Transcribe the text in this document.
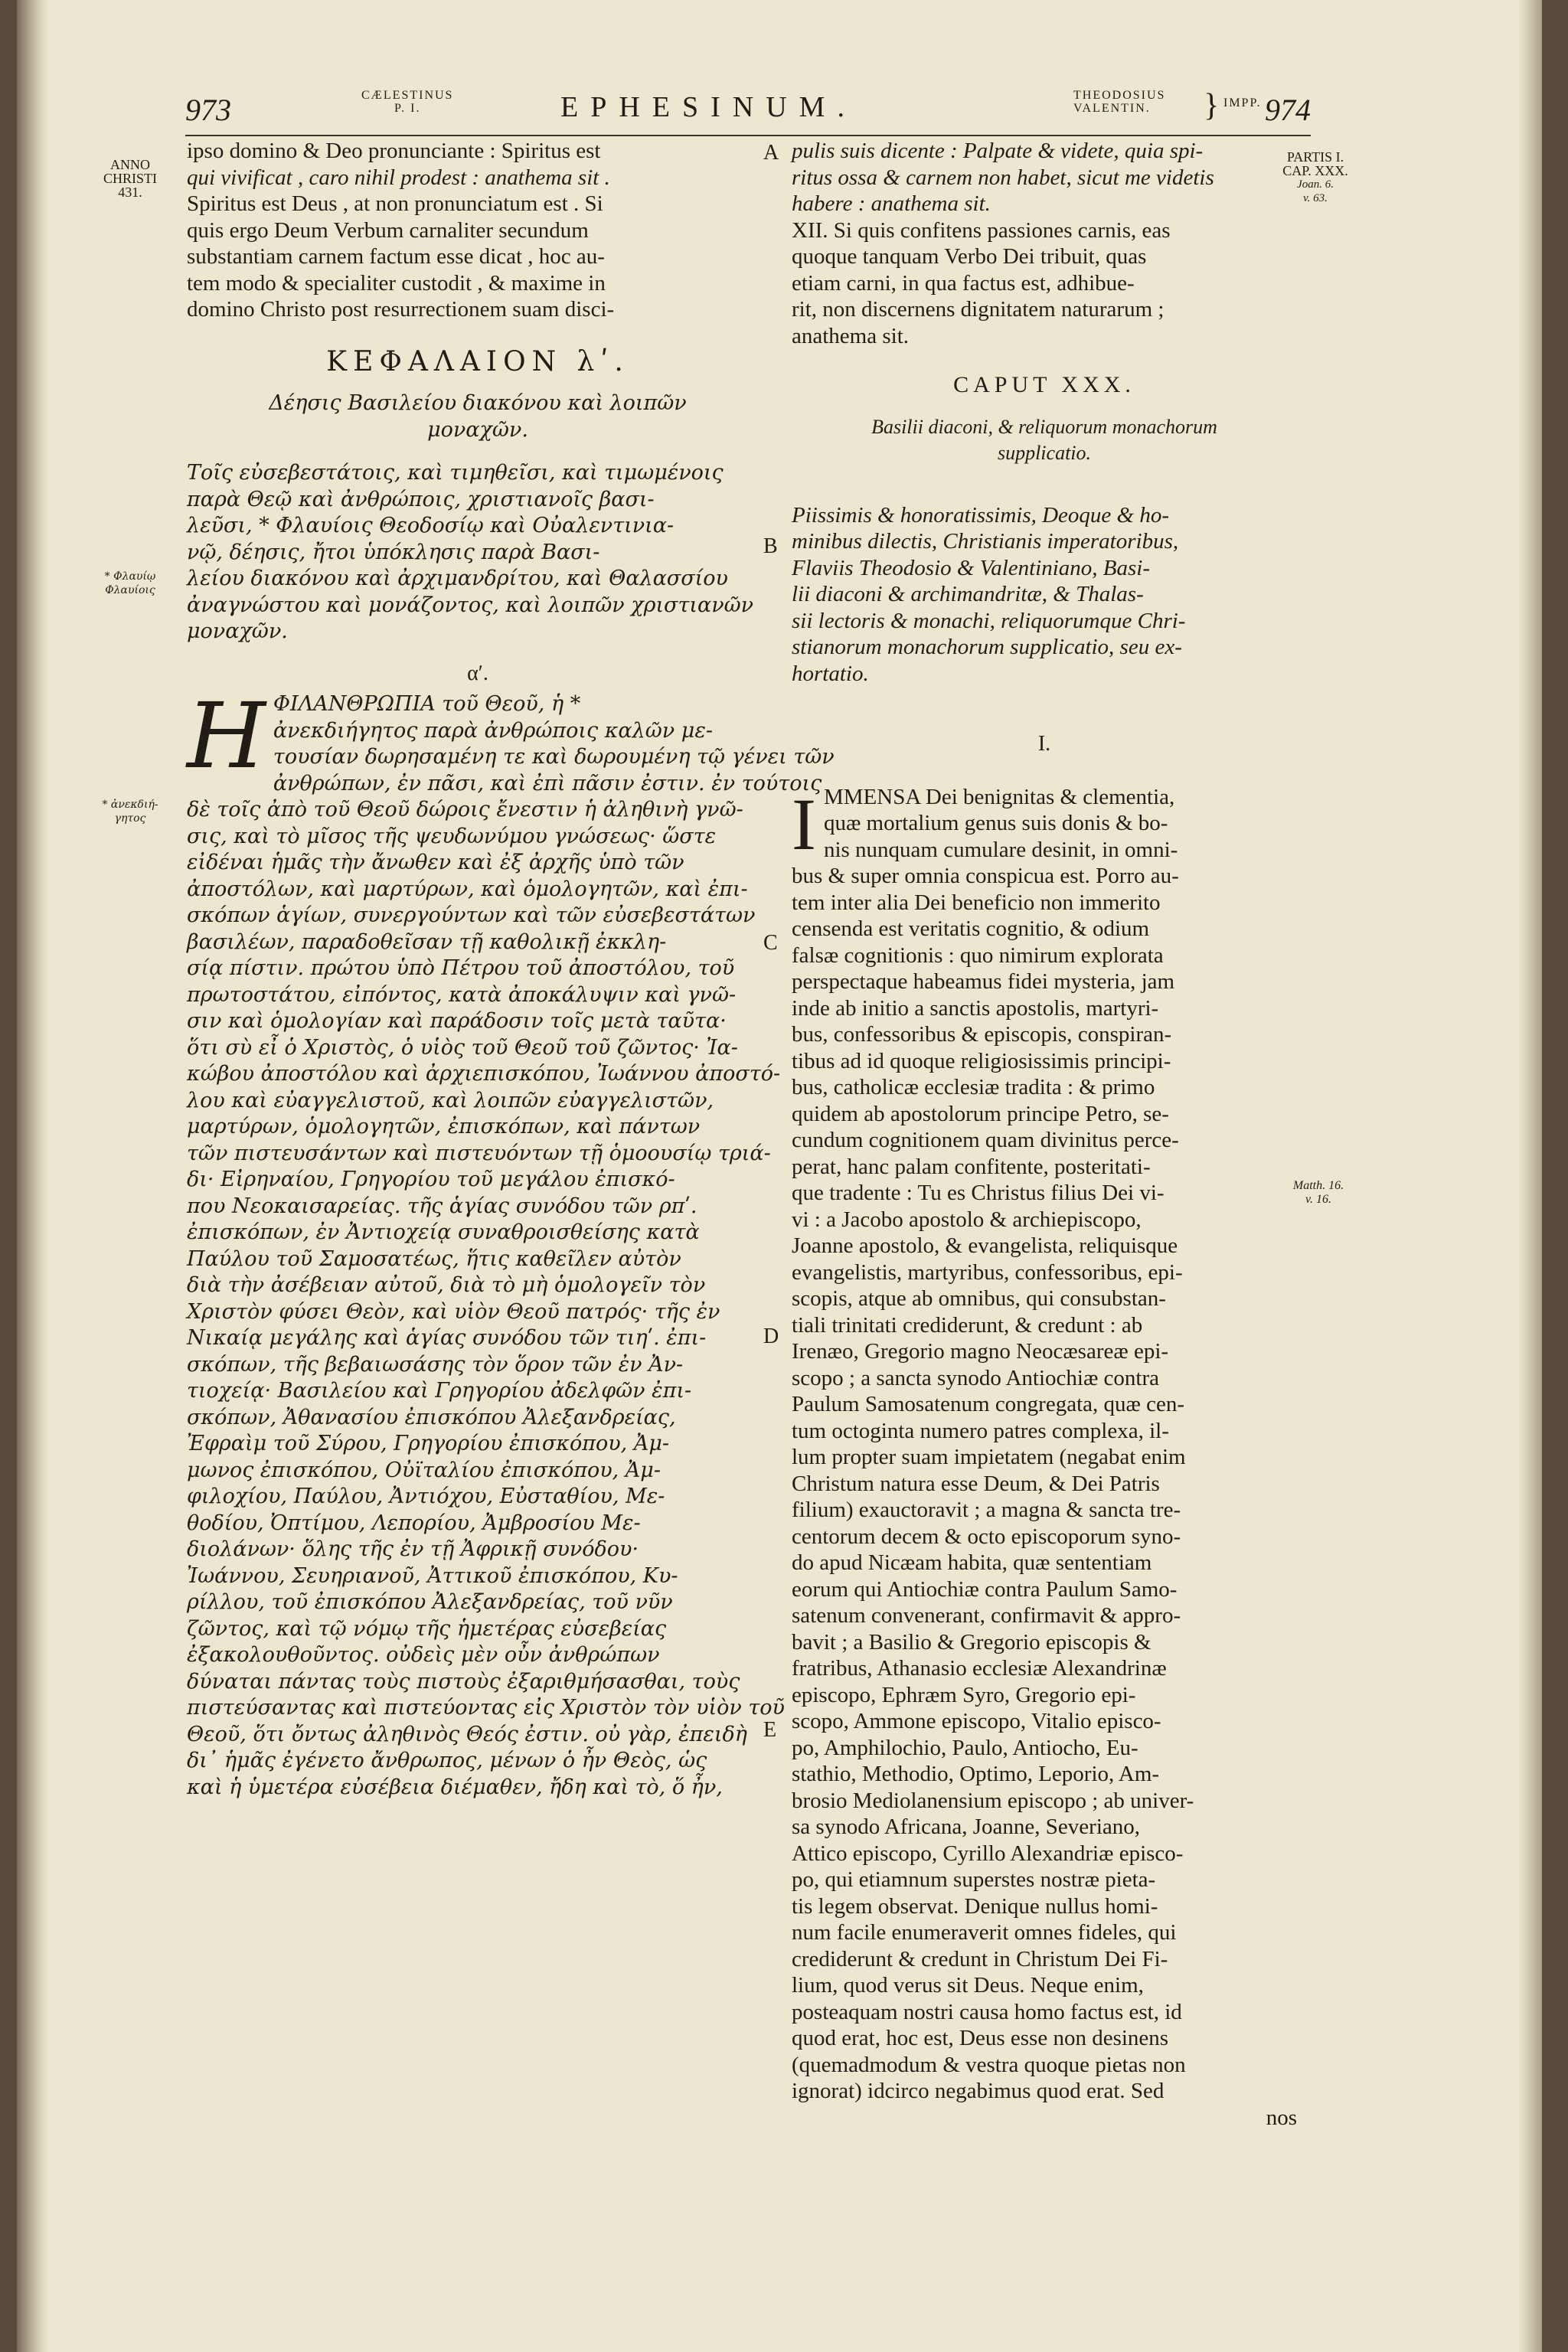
973	CÆLESTINUS
P. I.	EPHESINUM.	THEODOSIUS
VALENTIN.	} IMPP. 974
ANNO
CHRISTI
431.
* Φλαυίῳ
Φλαυίοις
* ἀνεκδιή-
γητος
PARTIS I.
CAP. XXX.
Joan. 6.
v. 63.
Matth. 16.
v. 16.
A
B
C
D
E
ipso domino & Deo pronunciante : Spiritus est
qui vivificat , caro nihil prodest : anathema sit .
Spiritus est Deus , at non pronunciatum est . Si
quis ergo Deum Verbum carnaliter secundum
substantiam carnem factum esse dicat , hoc au-
tem modo & specialiter custodit , & maxime in
domino Christo post resurrectionem suam disci-
ΚΕΦΑΛΑΙΟΝ λʹ.
Δέησις Βασιλείου διακόνου καὶ λοιπῶν
μοναχῶν.
Τοῖς εὐσεβεστάτοις, καὶ τιμηθεῖσι, καὶ τιμωμένοις
παρὰ Θεῷ καὶ ἀνθρώποις, χριστιανοῖς βασι-
λεῦσι, * Φλαυίοις Θεοδοσίῳ καὶ Οὐαλεντινια-
νῷ, δέησις, ἤτοι ὑπόκλησις παρὰ Βασι-
λείου διακόνου καὶ ἀρχιμανδρίτου, καὶ Θαλασσίου
ἀναγνώστου καὶ μονάζοντος, καὶ λοιπῶν χριστιανῶν
μοναχῶν.
αʹ.
Η ΦΙΛΑΝΘΡΩΠΙΑ τοῦ Θεοῦ, ἡ *
ἀνεκδιήγητος παρὰ ἀνθρώποις καλῶν με-
τουσίαν δωρησαμένη τε καὶ δωρουμένη τῷ γένει τῶν
ἀνθρώπων, ἐν πᾶσι, καὶ ἐπὶ πᾶσιν ἐστιν. ἐν τούτοις
δὲ τοῖς ἀπὸ τοῦ Θεοῦ δώροις ἔνεστιν ἡ ἀληθινὴ γνῶ-
σις, καὶ τὸ μῖσος τῆς ψευδωνύμου γνώσεως· ὥστε
εἰδέναι ἡμᾶς τὴν ἄνωθεν καὶ ἐξ ἀρχῆς ὑπὸ τῶν
ἀποστόλων, καὶ μαρτύρων, καὶ ὁμολογητῶν, καὶ ἐπι-
σκόπων ἁγίων, συνεργούντων καὶ τῶν εὐσεβεστάτων
βασιλέων, παραδοθεῖσαν τῇ καθολικῇ ἐκκλη-
σίᾳ πίστιν. πρώτου ὑπὸ Πέτρου τοῦ ἀποστόλου, τοῦ
πρωτοστάτου, εἰπόντος, κατὰ ἀποκάλυψιν καὶ γνῶ-
σιν καὶ ὁμολογίαν καὶ παράδοσιν τοῖς μετὰ ταῦτα·
ὅτι σὺ εἶ ὁ Χριστὸς, ὁ υἱὸς τοῦ Θεοῦ τοῦ ζῶντος· Ἰα-
κώβου ἀποστόλου καὶ ἀρχιεπισκόπου, Ἰωάννου ἀποστό-
λου καὶ εὐαγγελιστοῦ, καὶ λοιπῶν εὐαγγελιστῶν,
μαρτύρων, ὁμολογητῶν, ἐπισκόπων, καὶ πάντων
τῶν πιστευσάντων καὶ πιστευόντων τῇ ὁμοουσίῳ τριά-
δι· Εἰρηναίου, Γρηγορίου τοῦ μεγάλου ἐπισκό-
που Νεοκαισαρείας. τῆς ἁγίας συνόδου τῶν ρπʹ.
ἐπισκόπων, ἐν Ἀντιοχείᾳ συναθροισθείσης κατὰ
Παύλου τοῦ Σαμοσατέως, ἥτις καθεῖλεν αὐτὸν
διὰ τὴν ἀσέβειαν αὐτοῦ, διὰ τὸ μὴ ὁμολογεῖν τὸν
Χριστὸν φύσει Θεὸν, καὶ υἱὸν Θεοῦ πατρός· τῆς ἐν
Νικαίᾳ μεγάλης καὶ ἁγίας συνόδου τῶν τιηʹ. ἐπι-
σκόπων, τῆς βεβαιωσάσης τὸν ὅρον τῶν ἐν Ἀν-
τιοχείᾳ· Βασιλείου καὶ Γρηγορίου ἀδελφῶν ἐπι-
σκόπων, Ἀθανασίου ἐπισκόπου Ἀλεξανδρείας,
Ἐφραὶμ τοῦ Σύρου, Γρηγορίου ἐπισκόπου, Ἀμ-
μωνος ἐπισκόπου, Οὐϊταλίου ἐπισκόπου, Ἀμ-
φιλοχίου, Παύλου, Ἀντιόχου, Εὐσταθίου, Με-
θοδίου, Ὀπτίμου, Λεπορίου, Ἀμβροσίου Με-
διολάνων· ὅλης τῆς ἐν τῇ Ἀφρικῇ συνόδου·
Ἰωάννου, Σευηριανοῦ, Ἀττικοῦ ἐπισκόπου, Κυ-
ρίλλου, τοῦ ἐπισκόπου Ἀλεξανδρείας, τοῦ νῦν
ζῶντος, καὶ τῷ νόμῳ τῆς ἡμετέρας εὐσεβείας
ἐξακολουθοῦντος. οὐδεὶς μὲν οὖν ἀνθρώπων
δύναται πάντας τοὺς πιστοὺς ἐξαριθμήσασθαι, τοὺς
πιστεύσαντας καὶ πιστεύοντας εἰς Χριστὸν τὸν υἱὸν τοῦ
Θεοῦ, ὅτι ὄντως ἀληθινὸς Θεός ἐστιν. οὐ γὰρ, ἐπειδὴ
δι᾽ ἡμᾶς ἐγένετο ἄνθρωπος, μένων ὁ ἦν Θεὸς, ὡς
καὶ ἡ ὑμετέρα εὐσέβεια διέμαθεν, ἤδη καὶ τὸ, ὅ ἦν,
pulis suis dicente : Palpate & videte, quia spi-
ritus ossa & carnem non habet, sicut me videtis
habere : anathema sit.
XII. Si quis confitens passiones carnis, eas
quoque tanquam Verbo Dei tribuit, quas
etiam carni, in qua factus est, adhibue-
rit, non discernens dignitatem naturarum ;
anathema sit.
CAPUT XXX.
Basilii diaconi, & reliquorum monachorum
supplicatio.
Piissimis & honoratissimis, Deoque & ho-
minibus dilectis, Christianis imperatoribus,
Flaviis Theodosio & Valentiniano, Basi-
lii diaconi & archimandritæ, & Thalas-
sii lectoris & monachi, reliquorumque Chri-
stianorum monachorum supplicatio, seu ex-
hortatio.
I.
I MMENSA Dei benignitas & clementia,
quæ mortalium genus suis donis & bo-
nis nunquam cumulare desinit, in omni-
bus & super omnia conspicua est. Porro au-
tem inter alia Dei beneficio non immerito
censenda est veritatis cognitio, & odium
falsæ cognitionis : quo nimirum explorata
perspectaque habeamus fidei mysteria, jam
inde ab initio a sanctis apostolis, martyri-
bus, confessoribus & episcopis, conspiran-
tibus ad id quoque religiosissimis principi-
bus, catholicæ ecclesiæ tradita : & primo
quidem ab apostolorum principe Petro, se-
cundum cognitionem quam divinitus perce-
perat, hanc palam confitente, posteritati-
que tradente : Tu es Christus filius Dei vi-
vi : a Jacobo apostolo & archiepiscopo,
Joanne apostolo, & evangelista, reliquisque
evangelistis, martyribus, confessoribus, epi-
scopis, atque ab omnibus, qui consubstan-
tiali trinitati crediderunt, & credunt : ab
Irenæo, Gregorio magno Neocæsareæ epi-
scopo ; a sancta synodo Antiochiæ contra
Paulum Samosatenum congregata, quæ cen-
tum octoginta numero patres complexa, il-
lum propter suam impietatem (negabat enim
Christum natura esse Deum, & Dei Patris
filium) exauctoravit ; a magna & sancta tre-
centorum decem & octo episcoporum syno-
do apud Nicæam habita, quæ sententiam
eorum qui Antiochiæ contra Paulum Samo-
satenum convenerant, confirmavit & appro-
bavit ; a Basilio & Gregorio episcopis &
fratribus, Athanasio ecclesiæ Alexandrinæ
episcopo, Ephræm Syro, Gregorio epi-
scopo, Ammone episcopo, Vitalio episco-
po, Amphilochio, Paulo, Antiocho, Eu-
stathio, Methodio, Optimo, Leporio, Am-
brosio Mediolanensium episcopo ; ab univer-
sa synodo Africana, Joanne, Severiano,
Attico episcopo, Cyrillo Alexandriæ episco-
po, qui etiamnum superstes nostræ pieta-
tis legem observat. Denique nullus homi-
num facile enumeraverit omnes fideles, qui
crediderunt & credunt in Christum Dei Fi-
lium, quod verus sit Deus. Neque enim,
posteaquam nostri causa homo factus est, id
quod erat, hoc est, Deus esse non desinens
(quemadmodum & vestra quoque pietas non
ignorat) idcirco negabimus quod erat. Sed
nos
